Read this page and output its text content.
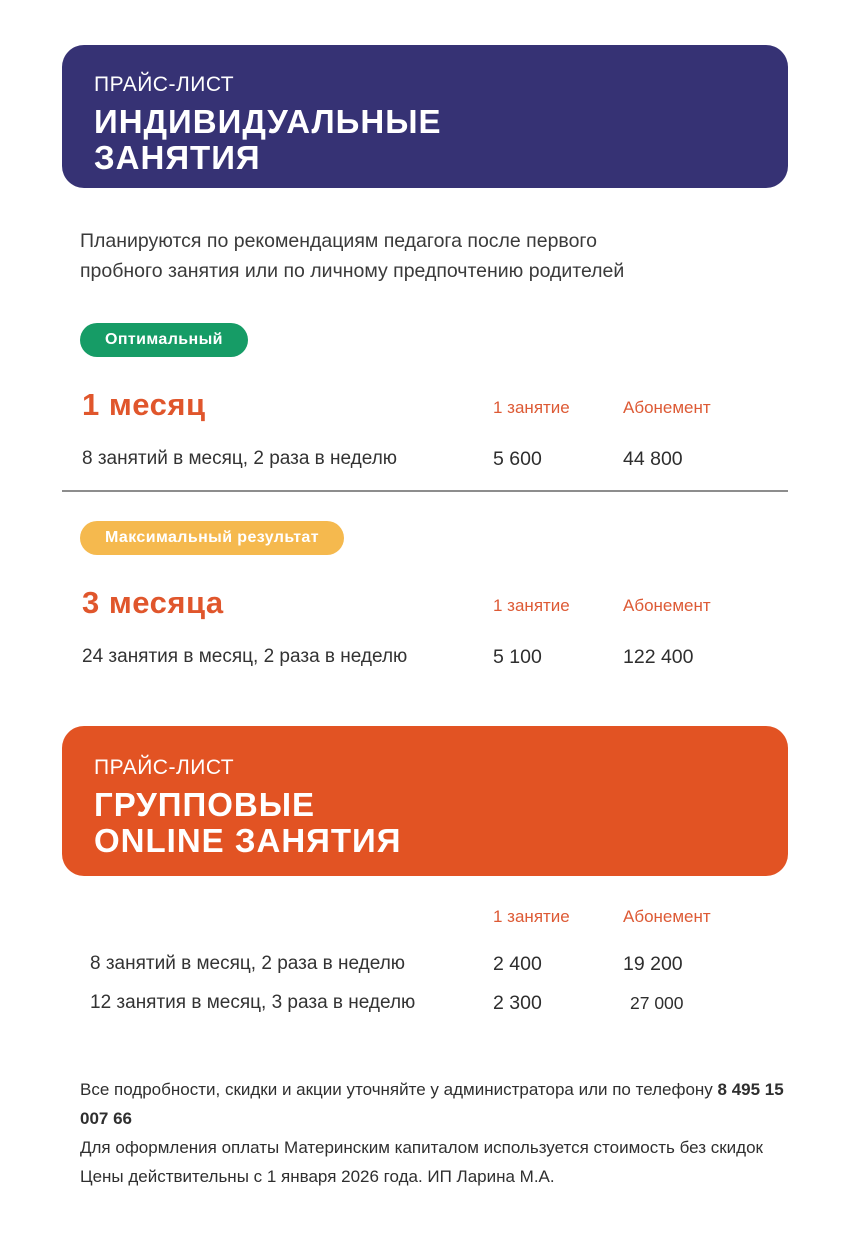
ПРАЙС-ЛИСТ
ИНДИВИДУАЛЬНЫЕ
ЗАНЯТИЯ
Планируются по рекомендациям педагога после первого пробного занятия или по личному предпочтению родителей
Оптимальный
1 месяц	1 занятие	Абонемент
8 занятий в месяц, 2 раза в неделю	5 600	44 800
Максимальный результат
3 месяца	1 занятие	Абонемент
24 занятия в месяц, 2 раза в неделю	5 100	122 400
ПРАЙС-ЛИСТ
ГРУППОВЫЕ
ONLINE ЗАНЯТИЯ
1 занятие	Абонемент
8 занятий в месяц, 2 раза в неделю	2 400	19 200
12 занятия в месяц, 3 раза в неделю	2 300	27 000
Все подробности, скидки и акции уточняйте у администратора или по телефону 8 495 15 007 66
Для оформления оплаты Материнским капиталом используется стоимость без скидок
Цены действительны с 1 января 2026 года. ИП Ларина М.А.
